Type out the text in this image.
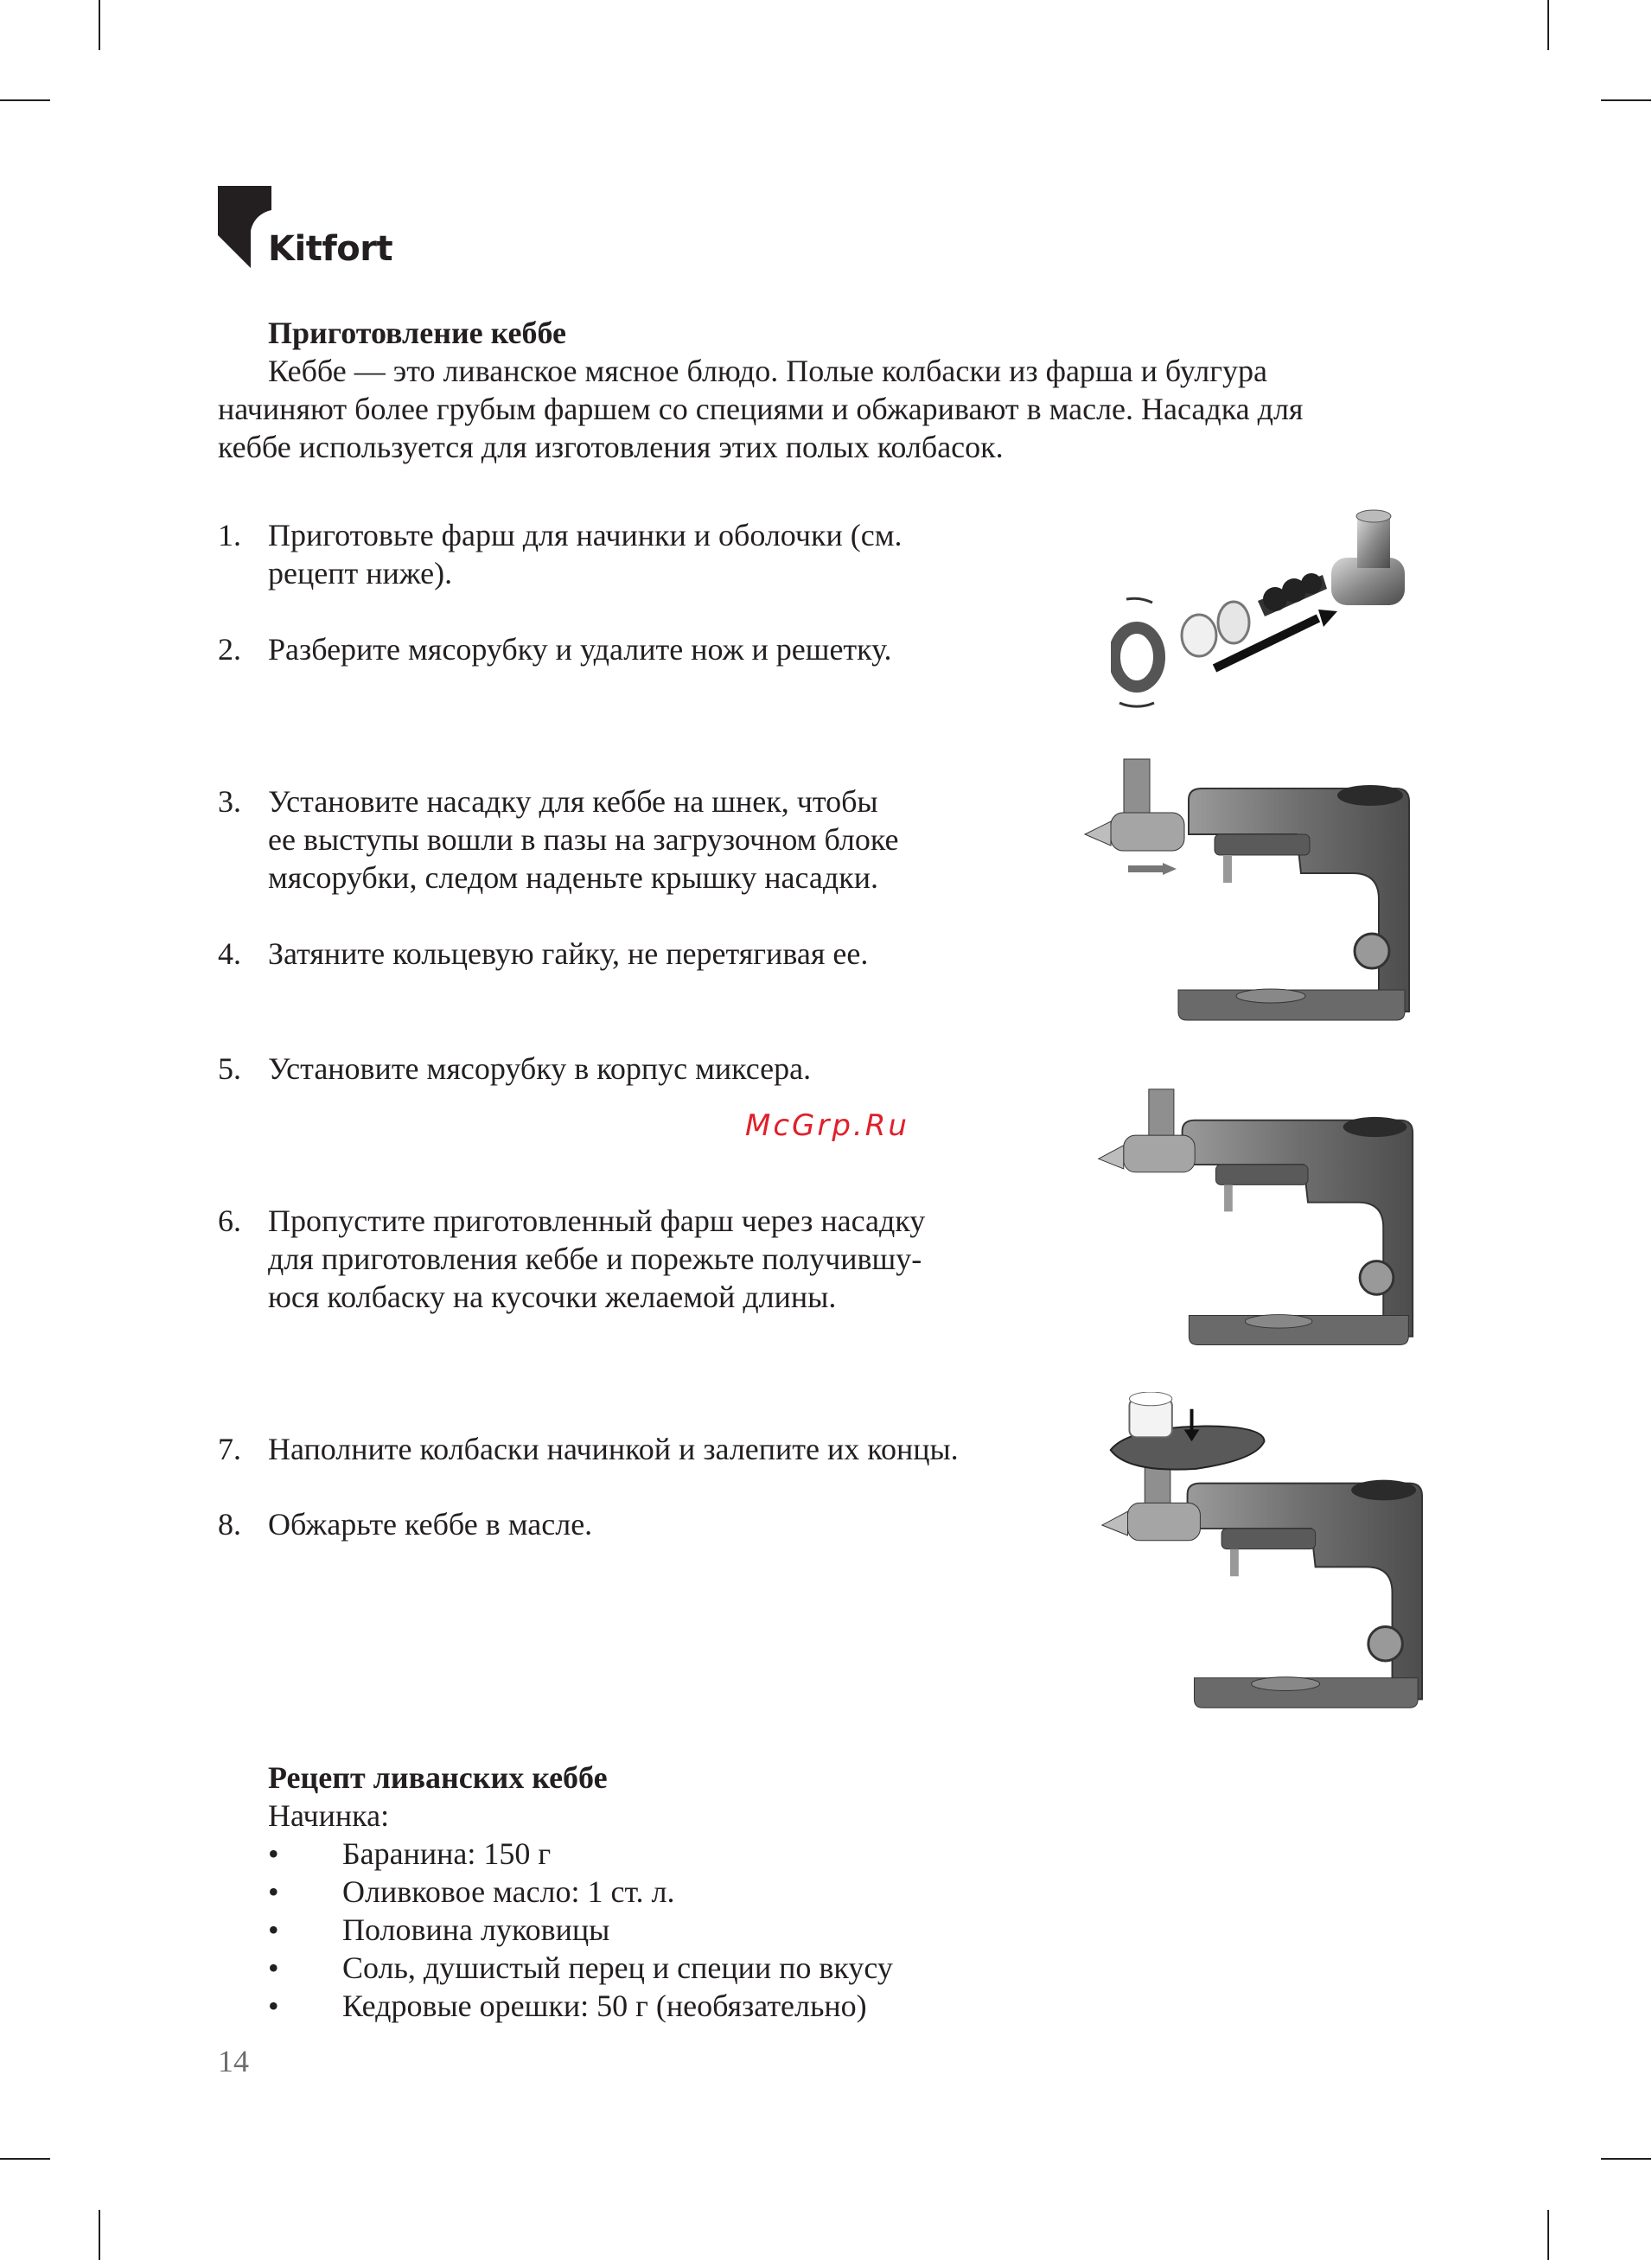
Kitfort
Приготовление кеббе
Кеббе — это ливанское мясное блюдо. Полые колбаски из фарша и булгура
начиняют более грубым фаршем со специями и обжаривают в масле. Насадка для
кеббе используется для изготовления этих полых колбасок.
1. Приготовьте фарш для начинки и оболочки (см.
рецепт ниже).
2. Разберите мясорубку и удалите нож и решетку.
3. Установите насадку для кеббе на шнек, чтобы
ее выступы вошли в пазы на загрузочном блоке
мясорубки, следом наденьте крышку насадки.
4. Затяните кольцевую гайку, не перетягивая ее.
5. Установите мясорубку в корпус миксера.
6. Пропустите приготовленный фарш через насадку
для приготовления кеббе и порежьте получившу-
юся колбаску на кусочки желаемой длины.
7. Наполните колбаски начинкой и залепите их концы.
8. Обжарьте кеббе в масле.
McGrp.Ru
Рецепт ливанских кеббе
Начинка:
• Баранина: 150 г
• Оливковое масло: 1 ст. л.
• Половина луковицы
• Соль, душистый перец и специи по вкусу
• Кедровые орешки: 50 г (необязательно)
14
